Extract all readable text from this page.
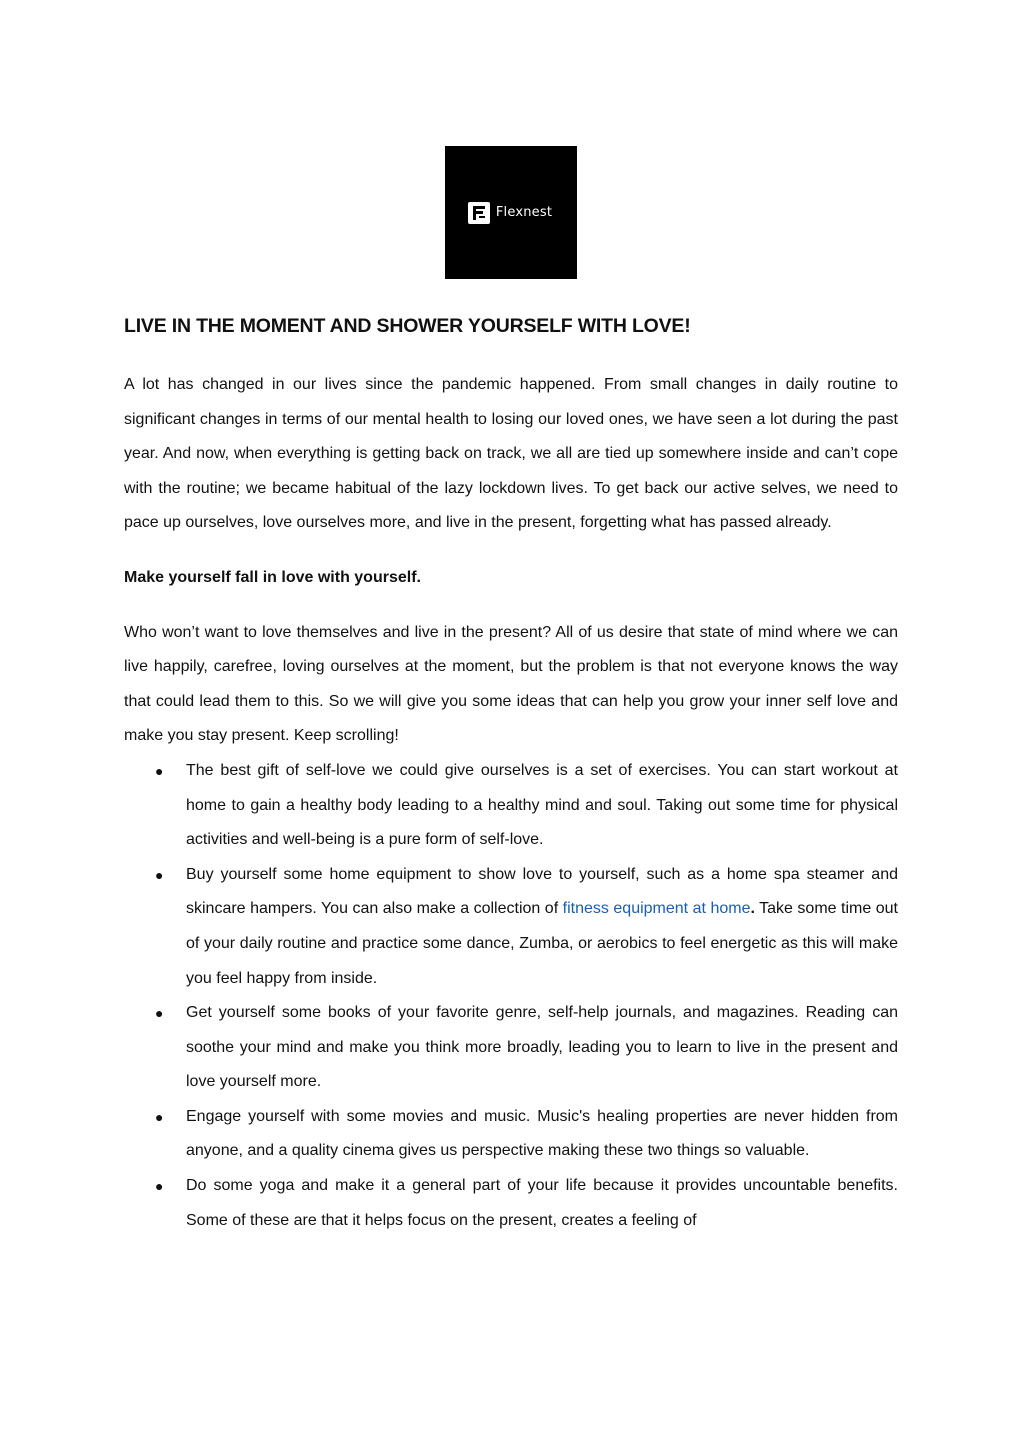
Flexnest
LIVE IN THE MOMENT AND SHOWER YOURSELF WITH LOVE!

A lot has changed in our lives since the pandemic happened. From small changes in daily routine to significant changes in terms of our mental health to losing our loved ones, we have seen a lot during the past year. And now, when everything is getting back on track, we all are tied up somewhere inside and can’t cope with the routine; we became habitual of the lazy lockdown lives. To get back our active selves, we need to pace up ourselves, love ourselves more, and live in the present, forgetting what has passed already.

Make yourself fall in love with yourself.

Who won’t want to love themselves and live in the present? All of us desire that state of mind where we can live happily, carefree, loving ourselves at the moment, but the problem is that not everyone knows the way that could lead them to this. So we will give you some ideas that can help you grow your inner self love and make you stay present. Keep scrolling!

● The best gift of self-love we could give ourselves is a set of exercises. You can start workout at home to gain a healthy body leading to a healthy mind and soul. Taking out some time for physical activities and well-being is a pure form of self-love.
● Buy yourself some home equipment to show love to yourself, such as a home spa steamer and skincare hampers. You can also make a collection of fitness equipment at home. Take some time out of your daily routine and practice some dance, Zumba, or aerobics to feel energetic as this will make you feel happy from inside.
● Get yourself some books of your favorite genre, self-help journals, and magazines. Reading can soothe your mind and make you think more broadly, leading you to learn to live in the present and love yourself more.
● Engage yourself with some movies and music. Music's healing properties are never hidden from anyone, and a quality cinema gives us perspective making these two things so valuable.
● Do some yoga and make it a general part of your life because it provides uncountable benefits. Some of these are that it helps focus on the present, creates a feeling of
